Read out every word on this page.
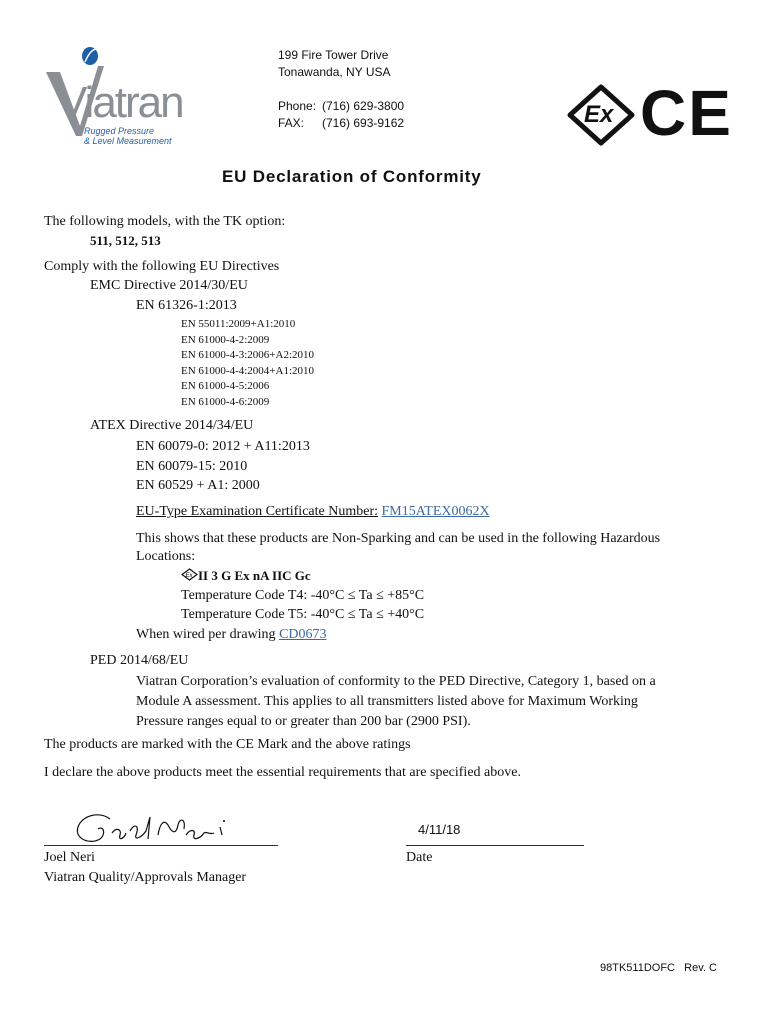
Viatran
Rugged Pressure
& Level Measurement
199 Fire Tower Drive
Tonawanda, NY USA
Phone: (716) 629-3800
FAX: (716) 693-9162	Ex CE
EU Declaration of Conformity
The following models, with the TK option:
511, 512, 513
Comply with the following EU Directives
EMC Directive 2014/30/EU
EN 61326-1:2013
EN 55011:2009+A1:2010
EN 61000-4-2:2009
EN 61000-4-3:2006+A2:2010
EN 61000-4-4:2004+A1:2010
EN 61000-4-5:2006
EN 61000-4-6:2009
ATEX Directive 2014/34/EU
EN 60079-0: 2012 + A11:2013
EN 60079-15: 2010
EN 60529 + A1: 2000
EU-Type Examination Certificate Number: FM15ATEX0062X
This shows that these products are Non-Sparking and can be used in the following Hazardous
Locations:
Ex II 3 G Ex nA IIC Gc
Temperature Code T4: -40°C ≤ Ta ≤ +85°C
Temperature Code T5: -40°C ≤ Ta ≤ +40°C
When wired per drawing CD0673
PED 2014/68/EU
Viatran Corporation’s evaluation of conformity to the PED Directive, Category 1, based on a
Module A assessment. This applies to all transmitters listed above for Maximum Working
Pressure ranges equal to or greater than 200 bar (2900 PSI).
The products are marked with the CE Mark and the above ratings
I declare the above products meet the essential requirements that are specified above.
Joel Neri
Viatran Quality/Approvals Manager
4/11/18
Date
98TK511DOFC Rev. C
